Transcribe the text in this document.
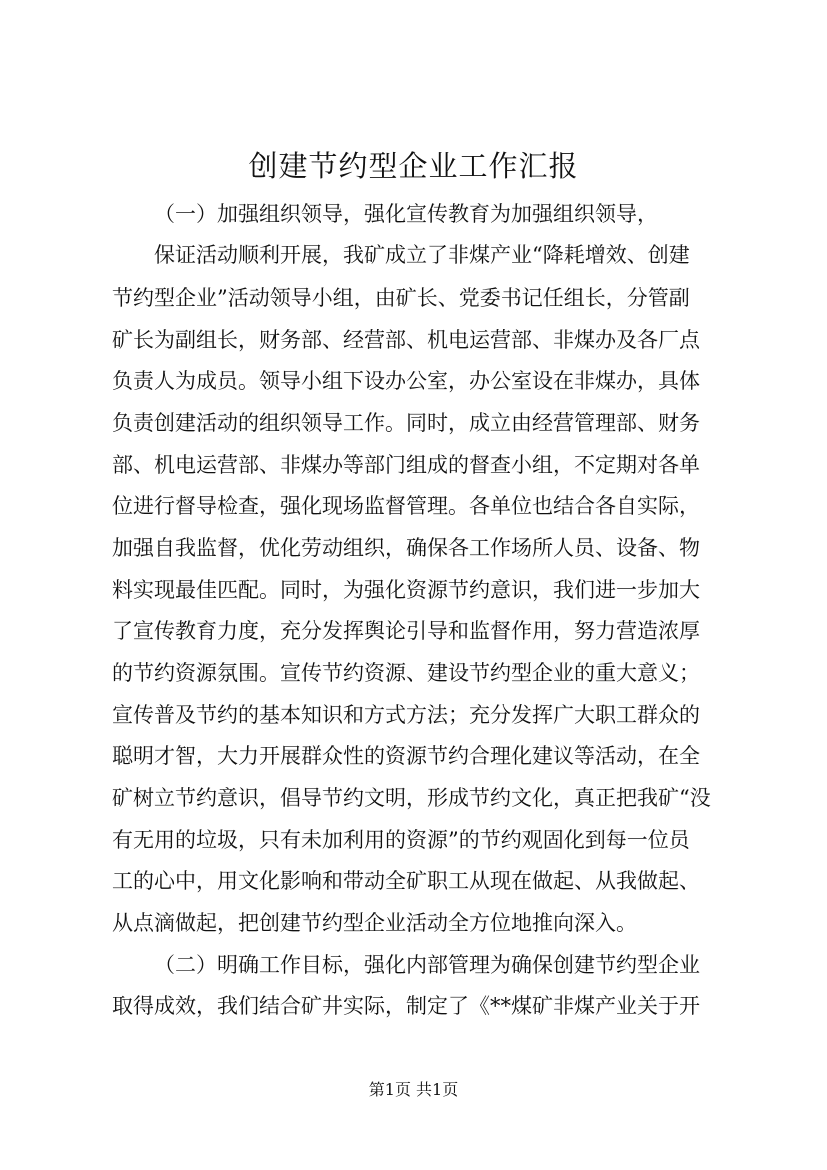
创建节约型企业工作汇报
（一）加强组织领导，强化宣传教育为加强组织领导，
保证活动顺利开展，我矿成立了非煤产业“降耗增效、创建
节约型企业”活动领导小组，由矿长、党委书记任组长，分管副
矿长为副组长，财务部、经营部、机电运营部、非煤办及各厂点
负责人为成员。领导小组下设办公室，办公室设在非煤办，具体
负责创建活动的组织领导工作。同时，成立由经营管理部、财务
部、机电运营部、非煤办等部门组成的督查小组，不定期对各单
位进行督导检查，强化现场监督管理。各单位也结合各自实际，
加强自我监督，优化劳动组织，确保各工作场所人员、设备、物
料实现最佳匹配。同时，为强化资源节约意识，我们进一步加大
了宣传教育力度，充分发挥舆论引导和监督作用，努力营造浓厚
的节约资源氛围。宣传节约资源、建设节约型企业的重大意义；
宣传普及节约的基本知识和方式方法；充分发挥广大职工群众的
聪明才智，大力开展群众性的资源节约合理化建议等活动，在全
矿树立节约意识，倡导节约文明，形成节约文化，真正把我矿“没
有无用的垃圾，只有未加利用的资源”的节约观固化到每一位员
工的心中，用文化影响和带动全矿职工从现在做起、从我做起、
从点滴做起，把创建节约型企业活动全方位地推向深入。
（二）明确工作目标，强化内部管理为确保创建节约型企业
取得成效，我们结合矿井实际，制定了《**煤矿非煤产业关于开
第1页 共1页
